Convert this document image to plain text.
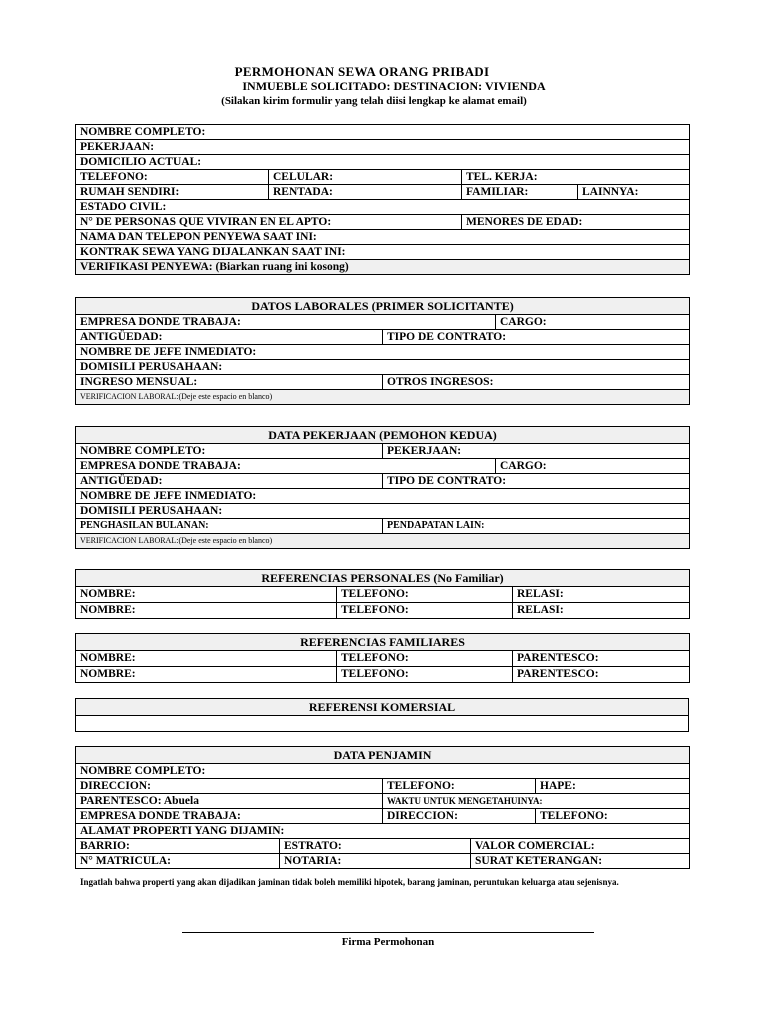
PERMOHONAN SEWA ORANG PRIBADI
INMUEBLE SOLICITADO: DESTINACION: VIVIENDA
(Silakan kirim formulir yang telah diisi lengkap ke alamat email)
NOMBRE COMPLETO:			
PEKERJAAN:			
DOMICILIO ACTUAL:			
TELEFONO:	CELULAR:	TEL. KERJA:	
RUMAH SENDIRI:	RENTADA:	FAMILIAR:	LAINNYA:
ESTADO CIVIL:			
N° DE PERSONAS QUE VIVIRAN EN EL APTO:		MENORES DE EDAD:	
NAMA DAN TELEPON PENYEWA SAAT INI:			
KONTRAK SEWA YANG DIJALANKAN SAAT INI:			
VERIFIKASI PENYEWA: (Biarkan ruang ini kosong)			
DATOS LABORALES (PRIMER SOLICITANTE)		
EMPRESA DONDE TRABAJA:		CARGO:
ANTIGÜEDAD:	TIPO DE CONTRATO:	
NOMBRE DE JEFE INMEDIATO:		
DOMISILI PERUSAHAAN:		
INGRESO MENSUAL:	OTROS INGRESOS:	
VERIFICACION LABORAL:(Deje este espacio en blanco)		
DATA PEKERJAAN (PEMOHON KEDUA)		
NOMBRE COMPLETO:	PEKERJAAN:	
EMPRESA DONDE TRABAJA:		CARGO:
ANTIGÜEDAD:	TIPO DE CONTRATO:	
NOMBRE DE JEFE INMEDIATO:		
DOMISILI PERUSAHAAN:		
PENGHASILAN BULANAN:	PENDAPATAN LAIN:	
VERIFICACION LABORAL:(Deje este espacio en blanco)		
REFERENCIAS PERSONALES (No Familiar)		
NOMBRE:	TELEFONO:	RELASI:
NOMBRE:	TELEFONO:	RELASI:
REFERENCIAS FAMILIARES		
NOMBRE:	TELEFONO:	PARENTESCO:
NOMBRE:	TELEFONO:	PARENTESCO:
REFERENSI KOMERSIAL

DATA PENJAMIN				
NOMBRE COMPLETO:				
DIRECCION:		TELEFONO:		HAPE:
PARENTESCO: Abuela		WAKTU UNTUK MENGETAHUINYA:		
EMPRESA DONDE TRABAJA:		DIRECCION:		TELEFONO:
ALAMAT PROPERTI YANG DIJAMIN:				
BARRIO:	ESTRATO:		VALOR COMERCIAL:	
N° MATRICULA:	NOTARIA:		SURAT KETERANGAN:	
Ingatlah bahwa properti yang akan dijadikan jaminan tidak boleh memiliki hipotek, barang jaminan, peruntukan keluarga atau sejenisnya.
Firma Permohonan
